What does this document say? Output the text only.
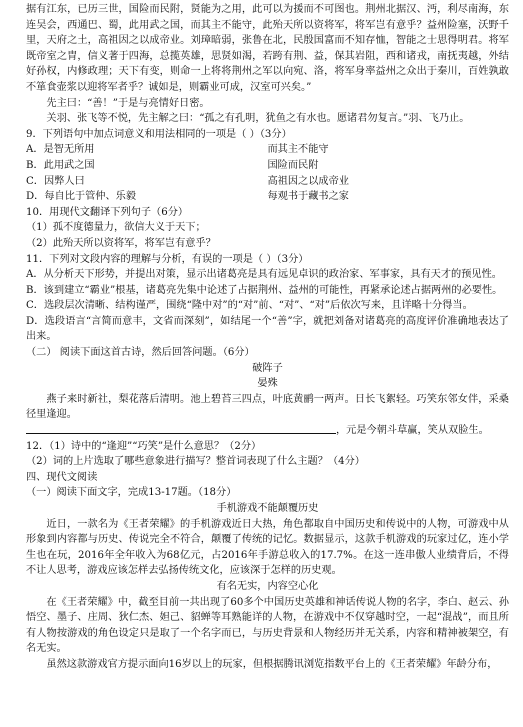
据有江东，已历三世，国险而民附，贤能为之用，此可以为援而不可图也。荆州北据汉、沔，利尽南海，东连吴会，西通巴、蜀，此用武之国，而其主不能守，此殆天所以资将军，将军岂有意乎？益州险塞，沃野千里，天府之土，高祖因之以成帝业。刘璋暗弱，张鲁在北，民殷国富而不知存恤，智能之士思得明君。将军既帝室之胄，信义著于四海，总揽英雄，思贤如渴，若跨有荆、益，保其岩阻，西和诸戎，南抚夷越，外结好孙权，内修政理；天下有变，则命一上将将荆州之军以向宛、洛，将军身率益州之众出于秦川，百姓孰敢不箪食壶浆以迎将军者乎？诚如是，则霸业可成，汉室可兴矣。”

先主曰：“善！”于是与亮情好日密。

关羽、张飞等不悦，先主解之曰：“孤之有孔明，犹鱼之有水也。愿诸君勿复言。”羽、飞乃止。

9．下列语句中加点词意义和用法相同的一项是（ ）（3分）

A．是智无所用	而其主不能守
B．此用武之国	国险而民附
C．因弊人曰	高祖因之以成帝业
D．每自比于管仲、乐毅	每观书于藏书之家

10．用现代文翻译下列句子（6分）

（1）孤不度德量力，欲信大义于天下；

（2）此殆天所以资将军，将军岂有意乎？

11．下列对文段内容的理解与分析，有误的一项是（ ）（3分）

A．从分析天下形势，并提出对策，显示出诸葛亮是具有远见卓识的政治家、军事家，具有天才的预见性。

B．该到建立“霸业”根基，诸葛亮先集中论述了占据荆州、益州的可能性，再紧承论述占据两州的必要性。

C．选段层次清晰、结构谨严，围绕“隆中对”的“对”前、“对”、“对”后依次写来，且详略十分得当。

D．选段语言“言简而意丰，文省而深刻”，如结尾一个“善”字，就把刘备对诸葛亮的高度评价准确地表达了出来。

（二） 阅读下面这首古诗，然后回答问题。（6分）

破阵子

晏殊

燕子来时新社，梨花落后清明。池上碧苔三四点，叶底黄鹂一两声。日长飞絮轻。巧笑东邻女伴，采桑径里逢迎。

，元是今朝斗草赢，笑从双脸生。

12．（1）诗中的“逢迎”“巧笑”是什么意思？（2分）

（2）词的上片选取了哪些意象进行描写？整首词表现了什么主题？（4分）

四、现代文阅读

（一）阅读下面文字，完成13-17题。（18分）

手机游戏不能颠覆历史

近日，一款名为《王者荣耀》的手机游戏近日大热，角色都取自中国历史和传说中的人物，可游戏中从形象到内容都与历史、传说完全不符合，颠覆了传统的记忆。数据显示，这款手机游戏的玩家过亿，连小学生也在玩，2016年全年收入为68亿元，占2016年手游总收入的17.7%。在这一连串傲人业绩背后，不得不让人思考，游戏应该怎样去弘扬传统文化，应该深于怎样的历史观。

有名无实，内容空心化

在《王者荣耀》中，截至目前一共出现了60多个中国历史英雄和神话传说人物的名字，李白、赵云、孙悟空、墨子、庄周、狄仁杰、妲己、貂蝉等耳熟能详的人物，在游戏中不仅穿越时空，一起“混战”，而且所有人物按游戏的角色设定只是取了一个名字而已，与历史背景和人物经历并无关系，内容和精神被架空，有名无实。

虽然这款游戏官方提示面向16岁以上的玩家，但根据腾讯浏览指数平台上的《王者荣耀》年龄分布，
